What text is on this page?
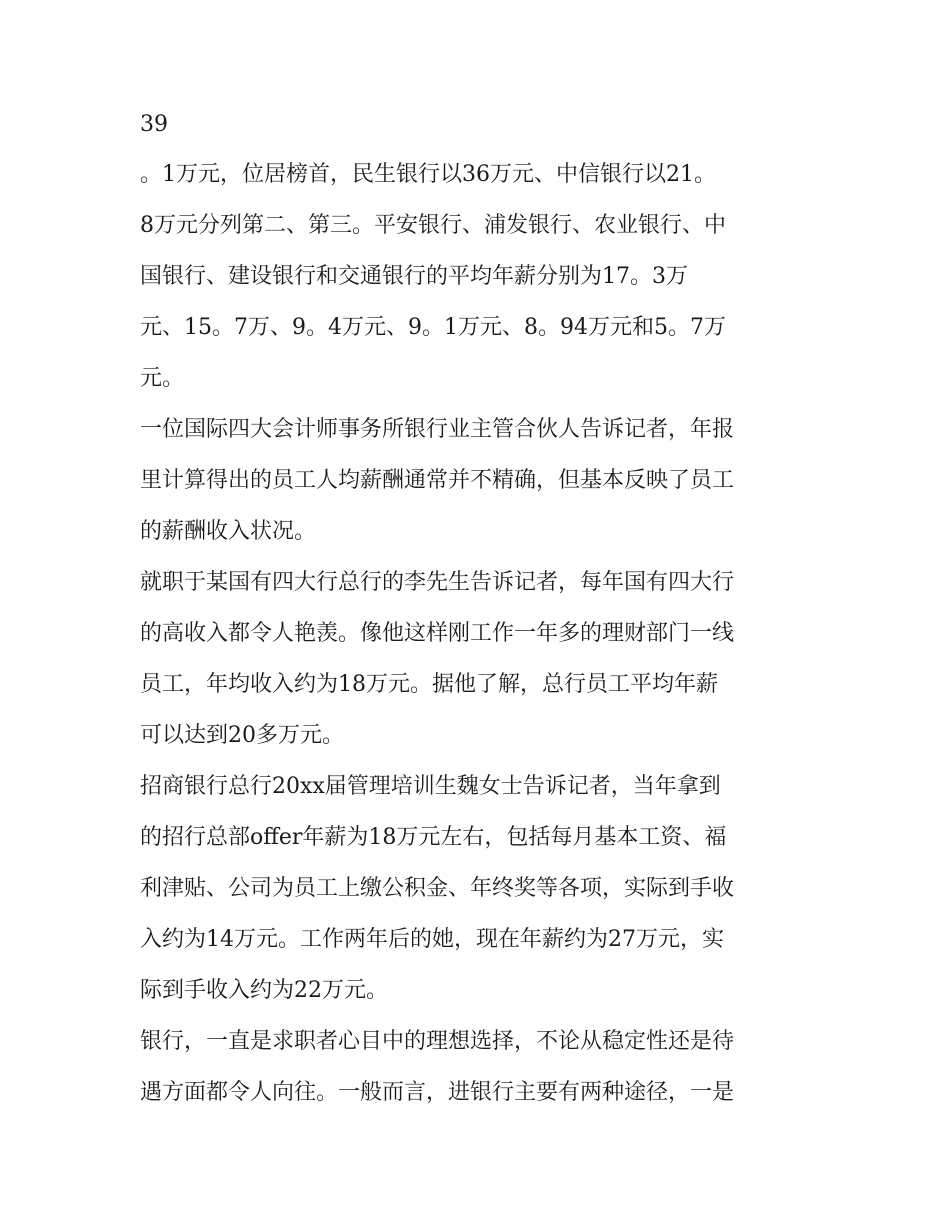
39
。1万元，位居榜首，民生银行以36万元、中信银行以21。
8万元分列第二、第三。平安银行、浦发银行、农业银行、中
国银行、建设银行和交通银行的平均年薪分别为17。3万
元、15。7万、9。4万元、9。1万元、8。94万元和5。7万
元。
一位国际四大会计师事务所银行业主管合伙人告诉记者，年报
里计算得出的员工人均薪酬通常并不精确，但基本反映了员工
的薪酬收入状况。
就职于某国有四大行总行的李先生告诉记者，每年国有四大行
的高收入都令人艳羡。像他这样刚工作一年多的理财部门一线
员工，年均收入约为18万元。据他了解，总行员工平均年薪
可以达到20多万元。
招商银行总行20xx届管理培训生魏女士告诉记者，当年拿到
的招行总部offer年薪为18万元左右，包括每月基本工资、福
利津贴、公司为员工上缴公积金、年终奖等各项，实际到手收
入约为14万元。工作两年后的她，现在年薪约为27万元，实
际到手收入约为22万元。
银行，一直是求职者心目中的理想选择，不论从稳定性还是待
遇方面都令人向往。一般而言，进银行主要有两种途径，一是
